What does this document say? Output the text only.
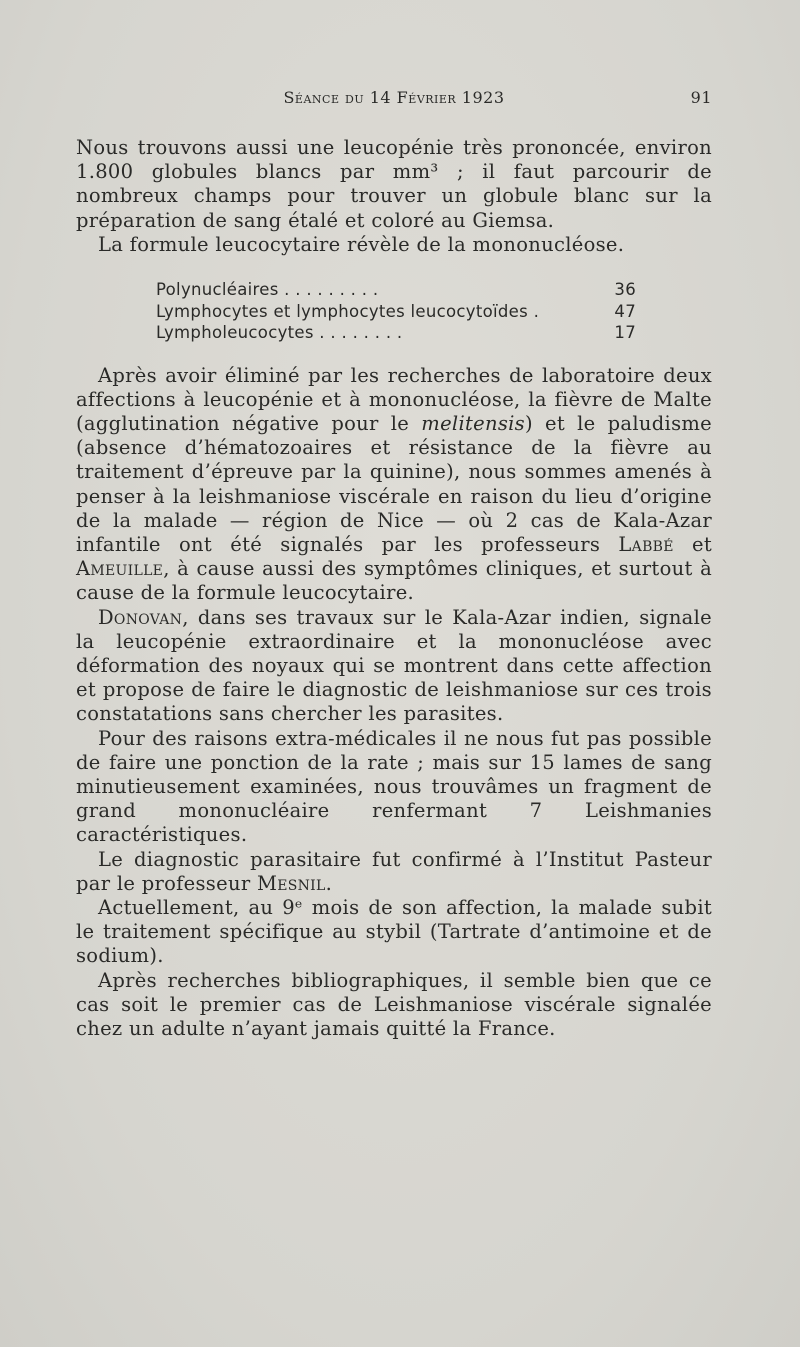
Séance du 14 Février 1923	91

Nous trouvons aussi une leucopénie très prononcée, environ 1.800 globules blancs par mm³ ; il faut parcourir de nombreux champs pour trouver un globule blanc sur la préparation de sang étalé et coloré au Giemsa.

La formule leucocytaire révèle de la mononucléose.

Polynucléaires . . . . . . . . .	36
Lymphocytes et lymphocytes leucocytoïdes .	47
Lympholeucocytes . . . . . . . .	17

Après avoir éliminé par les recherches de laboratoire deux affections à leucopénie et à mononucléose, la fièvre de Malte (agglutination négative pour le melitensis) et le paludisme (absence d’hématozoaires et résistance de la fièvre au traitement d’épreuve par la quinine), nous sommes amenés à penser à la leishmaniose viscérale en raison du lieu d’origine de la malade — région de Nice — où 2 cas de Kala-Azar infantile ont été signalés par les professeurs Labbé et Ameuille, à cause aussi des symptômes cliniques, et surtout à cause de la formule leucocytaire.

Donovan, dans ses travaux sur le Kala-Azar indien, signale la leucopénie extraordinaire et la mononucléose avec déformation des noyaux qui se montrent dans cette affection et propose de faire le diagnostic de leishmaniose sur ces trois constatations sans chercher les parasites.

Pour des raisons extra-médicales il ne nous fut pas possible de faire une ponction de la rate ; mais sur 15 lames de sang minutieusement examinées, nous trouvâmes un fragment de grand mononucléaire renfermant 7 Leishmanies caractéristiques.

Le diagnostic parasitaire fut confirmé à l’Institut Pasteur par le professeur Mesnil.

Actuellement, au 9ᵉ mois de son affection, la malade subit le traitement spécifique au stybil (Tartrate d’antimoine et de sodium).

Après recherches bibliographiques, il semble bien que ce cas soit le premier cas de Leishmaniose viscérale signalée chez un adulte n’ayant jamais quitté la France.
